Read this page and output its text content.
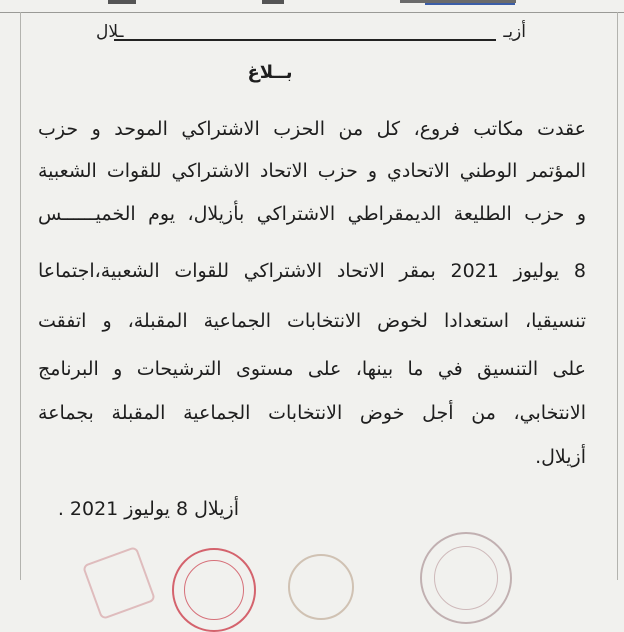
أزيـ
ـلال
بــلاغ
عقدت مكاتب فروع، كل من الحزب الاشتراكي الموحد و حزب
المؤتمر الوطني الاتحادي و حزب الاتحاد الاشتراكي للقوات الشعبية
و حزب الطليعة الديمقراطي الاشتراكي بأزيلال، يوم الخميــــــس
8 يوليوز 2021 بمقر الاتحاد الاشتراكي للقوات الشعبية،اجتماعا
تنسيقيا، استعدادا لخوض الانتخابات الجماعية المقبلة، و اتفقت
على التنسيق في ما بينها، على مستوى الترشيحات و البرنامج
الانتخابي، من أجل خوض الانتخابات الجماعية المقبلة بجماعة
أزيلال.
أزيلال 8 يوليوز 2021 .
